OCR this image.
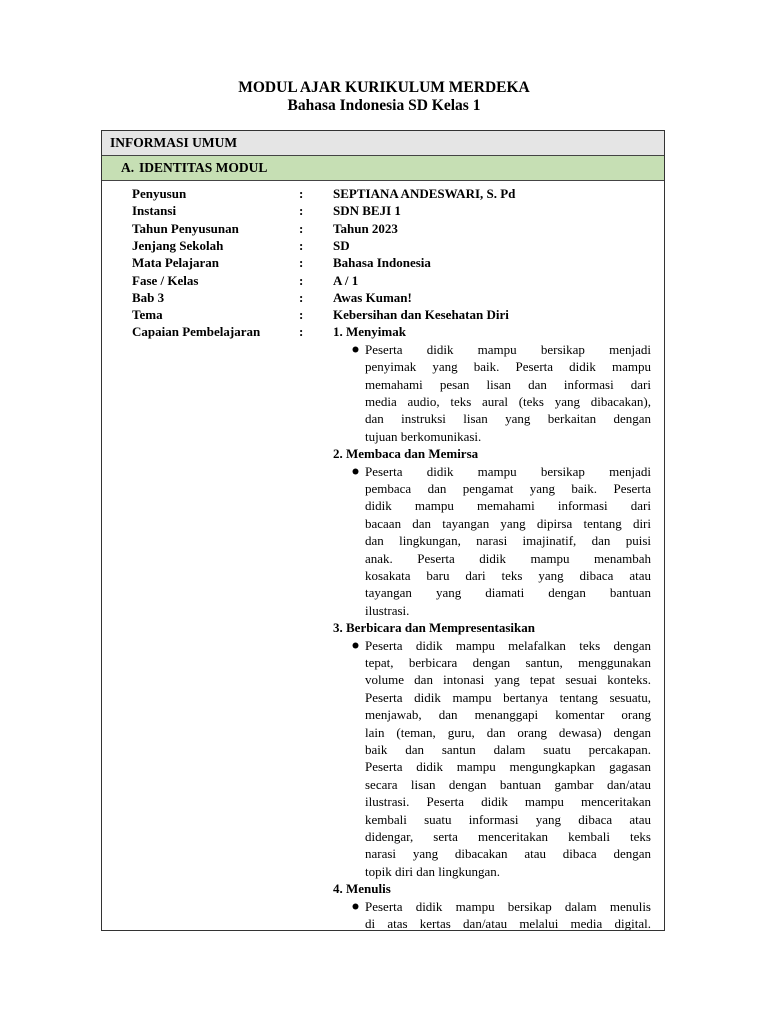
MODUL AJAR KURIKULUM MERDEKA
Bahasa Indonesia SD Kelas 1
INFORMASI UMUM
A. IDENTITAS MODUL
Penyusun	: SEPTIANA ANDESWARI, S. Pd
Instansi	: SDN BEJI 1
Tahun Penyusunan	: Tahun 2023
Jenjang Sekolah	: SD
Mata Pelajaran	: Bahasa Indonesia
Fase / Kelas	: A / 1
Bab 3	: Awas Kuman!
Tema	: Kebersihan dan Kesehatan Diri
Capaian Pembelajaran	: 1. Menyimak
Peserta didik mampu bersikap menjadi
penyimak yang baik. Peserta didik mampu
memahami pesan lisan dan informasi dari
media audio, teks aural (teks yang dibacakan),
dan instruksi lisan yang berkaitan dengan
tujuan berkomunikasi.
2. Membaca dan Memirsa
Peserta didik mampu bersikap menjadi
pembaca dan pengamat yang baik. Peserta
didik mampu memahami informasi dari
bacaan dan tayangan yang dipirsa tentang diri
dan lingkungan, narasi imajinatif, dan puisi
anak. Peserta didik mampu menambah
kosakata baru dari teks yang dibaca atau
tayangan yang diamati dengan bantuan
ilustrasi.
3. Berbicara dan Mempresentasikan
Peserta didik mampu melafalkan teks dengan
tepat, berbicara dengan santun, menggunakan
volume dan intonasi yang tepat sesuai konteks.
Peserta didik mampu bertanya tentang sesuatu,
menjawab, dan menanggapi komentar orang
lain (teman, guru, dan orang dewasa) dengan
baik dan santun dalam suatu percakapan.
Peserta didik mampu mengungkapkan gagasan
secara lisan dengan bantuan gambar dan/atau
ilustrasi. Peserta didik mampu menceritakan
kembali suatu informasi yang dibaca atau
didengar, serta menceritakan kembali teks
narasi yang dibacakan atau dibaca dengan
topik diri dan lingkungan.
4. Menulis
Peserta didik mampu bersikap dalam menulis
di atas kertas dan/atau melalui media digital.
